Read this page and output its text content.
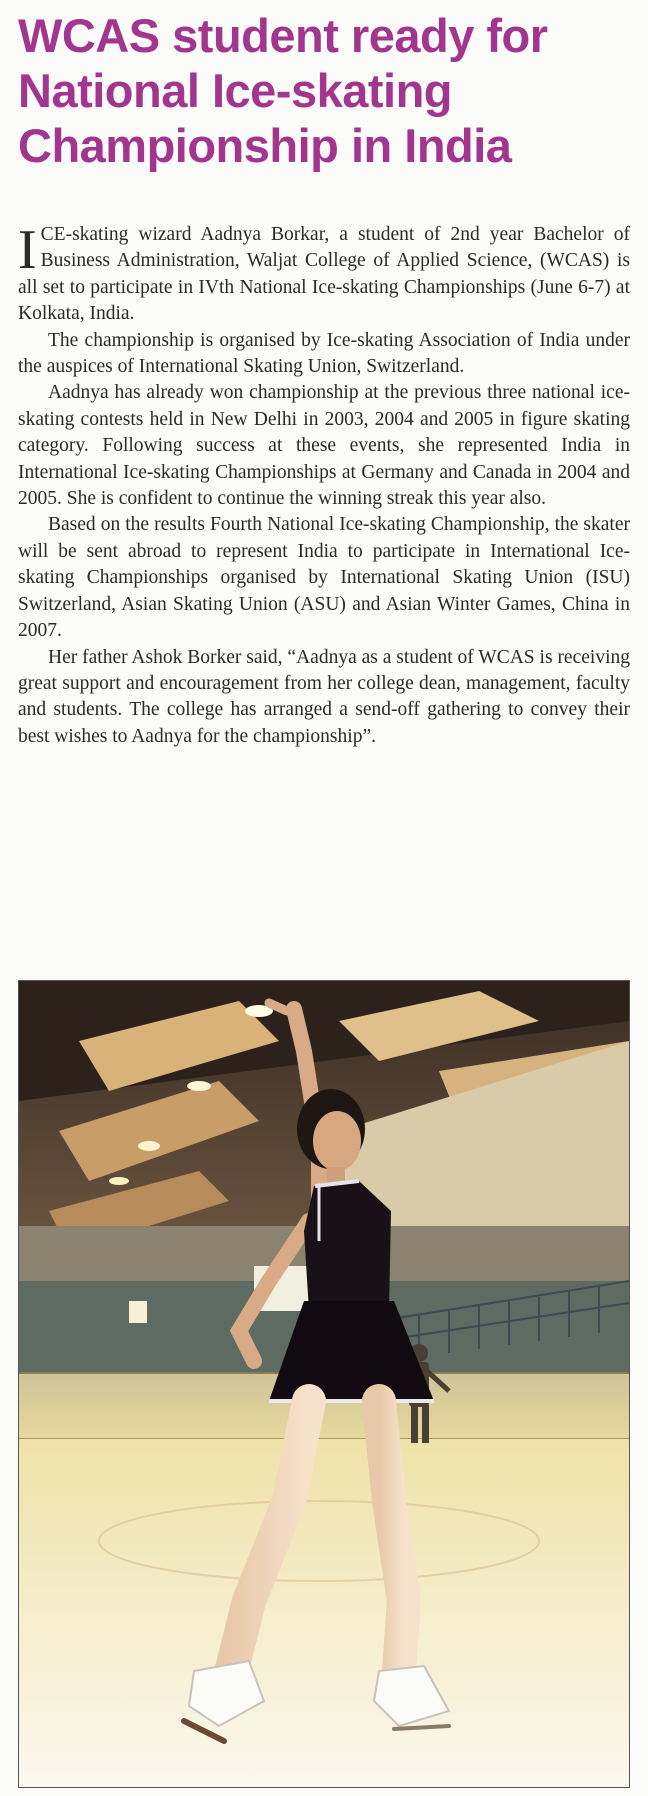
WCAS student ready for
National Ice-skating
Championship in India

ICE-skating wizard Aadnya Borkar, a student of 2nd year Bachelor of Business Administration, Waljat College of Applied Science, (WCAS) is all set to participate in IVth National Ice-skating Championships (June 6-7) at Kolkata, India.

The championship is organised by Ice-skating Association of India under the auspices of International Skating Union, Switzerland.

Aadnya has already won championship at the previous three national ice-skating contests held in New Delhi in 2003, 2004 and 2005 in figure skating category. Following success at these events, she represented India in International Ice-skating Championships at Germany and Canada in 2004 and 2005. She is confident to continue the winning streak this year also.

Based on the results Fourth National Ice-skating Championship, the skater will be sent abroad to represent India to participate in International Ice-skating Championships organised by International Skating Union (ISU) Switzerland, Asian Skating Union (ASU) and Asian Winter Games, China in 2007.

Her father Ashok Borker said, “Aadnya as a student of WCAS is receiving great support and encouragement from her college dean, management, faculty and students. The college has arranged a send-off gathering to convey their best wishes to Aadnya for the championship”.
